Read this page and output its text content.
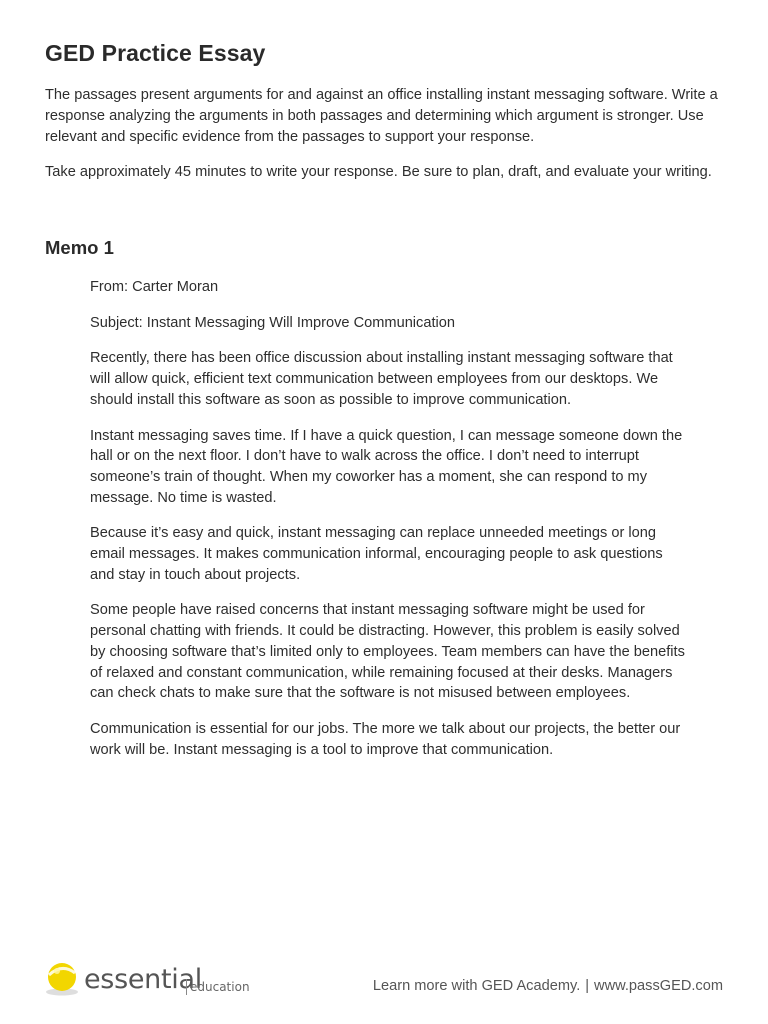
GED Practice Essay

The passages present arguments for and against an office installing instant messaging software. Write a response analyzing the arguments in both passages and determining which argument is stronger. Use relevant and specific evidence from the passages to support your response.

Take approximately 45 minutes to write your response. Be sure to plan, draft, and evaluate your writing.

Memo 1

From: Carter Moran

Subject: Instant Messaging Will Improve Communication

Recently, there has been office discussion about installing instant messaging software that will allow quick, efficient text communication between employees from our desktops. We should install this software as soon as possible to improve communication.

Instant messaging saves time. If I have a quick question, I can message someone down the hall or on the next floor. I don’t have to walk across the office. I don’t need to interrupt someone’s train of thought. When my coworker has a moment, she can respond to my message. No time is wasted.

Because it’s easy and quick, instant messaging can replace unneeded meetings or long email messages. It makes communication informal, encouraging people to ask questions and stay in touch about projects.

Some people have raised concerns that instant messaging software might be used for personal chatting with friends. It could be distracting. However, this problem is easily solved by choosing software that’s limited only to employees. Team members can have the benefits of relaxed and constant communication, while remaining focused at their desks. Managers can check chats to make sure that the software is not misused between employees.

Communication is essential for our jobs. The more we talk about our projects, the better our work will be. Instant messaging is a tool to improve that communication.

essential
education	Learn more with GED Academy. | www.passGED.com
